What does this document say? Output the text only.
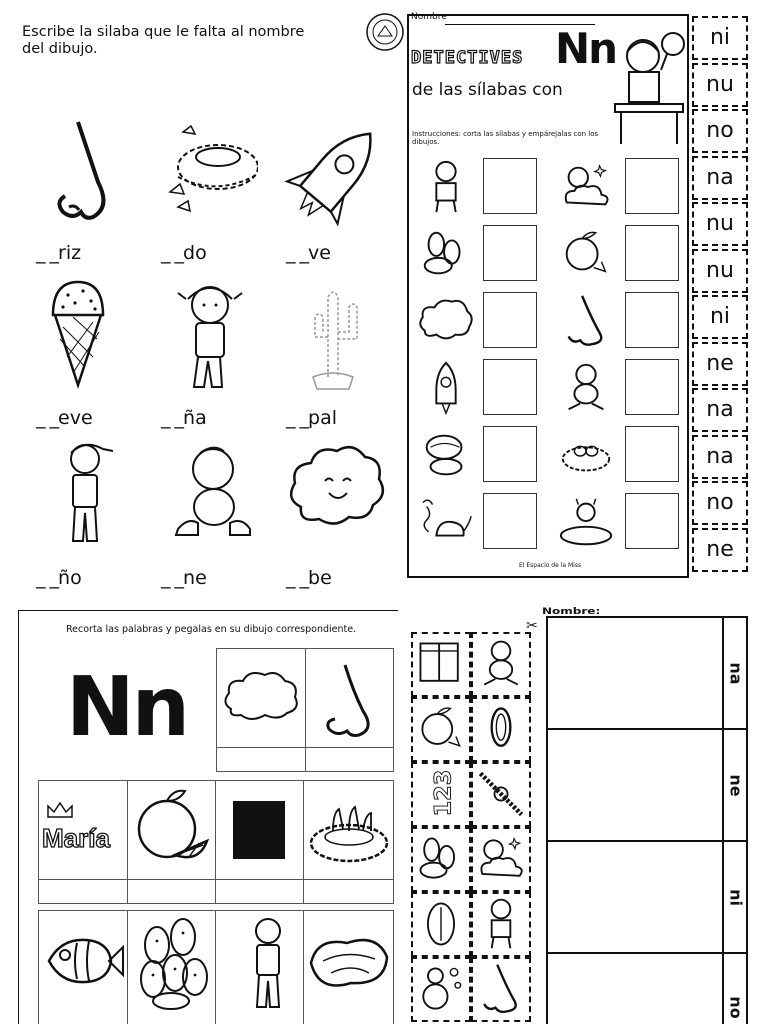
Escribe la silaba que le falta al nombre del dibujo.
_ _riz	_ _do	_ _ve
_ _eve	_ _ña	_ _pal
_ _ño	_ _ne	_ _be
Nombre
DETECTIVES Nn
de las sílabas con
Instrucciones: corta las sílabas y empárejalas con los dibujos.
El Espacio de la Miss
ni
nu
no
na
nu
nu
ni
ne
na
na
no
ne
Recorta las palabras y pegalas en su dibujo correspondiente.
Nn
María
✂
123
Nombre:
na
ne
ni
no
